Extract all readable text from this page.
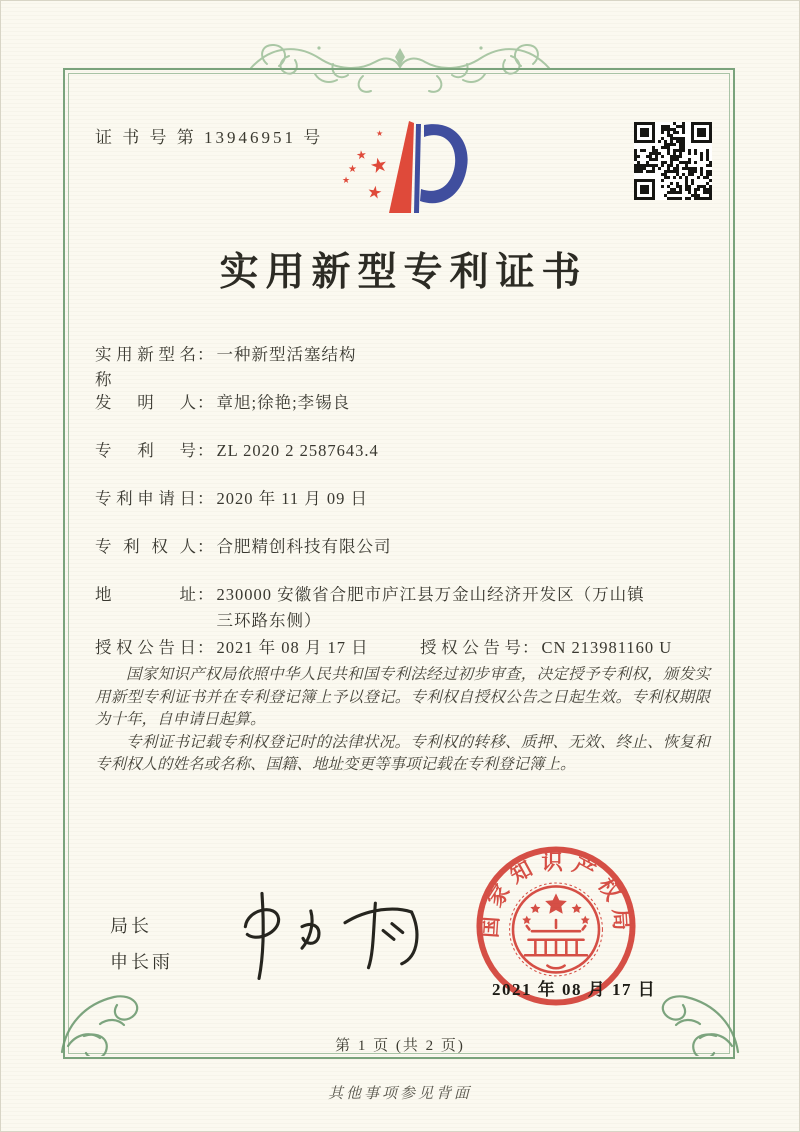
证 书 号 第 13946951 号
★
★
★
★
★
★
实用新型专利证书
实用新型名称： 一种新型活塞结构
发明人： 章旭;徐艳;李锡良
专利号： ZL 2020 2 2587643.4
专利申请日： 2020 年 11 月 09 日
专利权人： 合肥精创科技有限公司
地址： 230000 安徽省合肥市庐江县万金山经济开发区（万山镇
三环路东侧）
授权公告日： 2021 年 08 月 17 日	授权公告号： CN 213981160 U

国家知识产权局依照中华人民共和国专利法经过初步审查，决定授予专利权，颁发实用新型专利证书并在专利登记簿上予以登记。专利权自授权公告之日起生效。专利权期限为十年，自申请日起算。

专利证书记载专利权登记时的法律状况。专利权的转移、质押、无效、终止、恢复和专利权人的姓名或名称、国籍、地址变更等事项记载在专利登记簿上。

局长
申长雨
国家知识产权局
2021 年 08 月 17 日
第 1 页 (共 2 页)
其他事项参见背面
